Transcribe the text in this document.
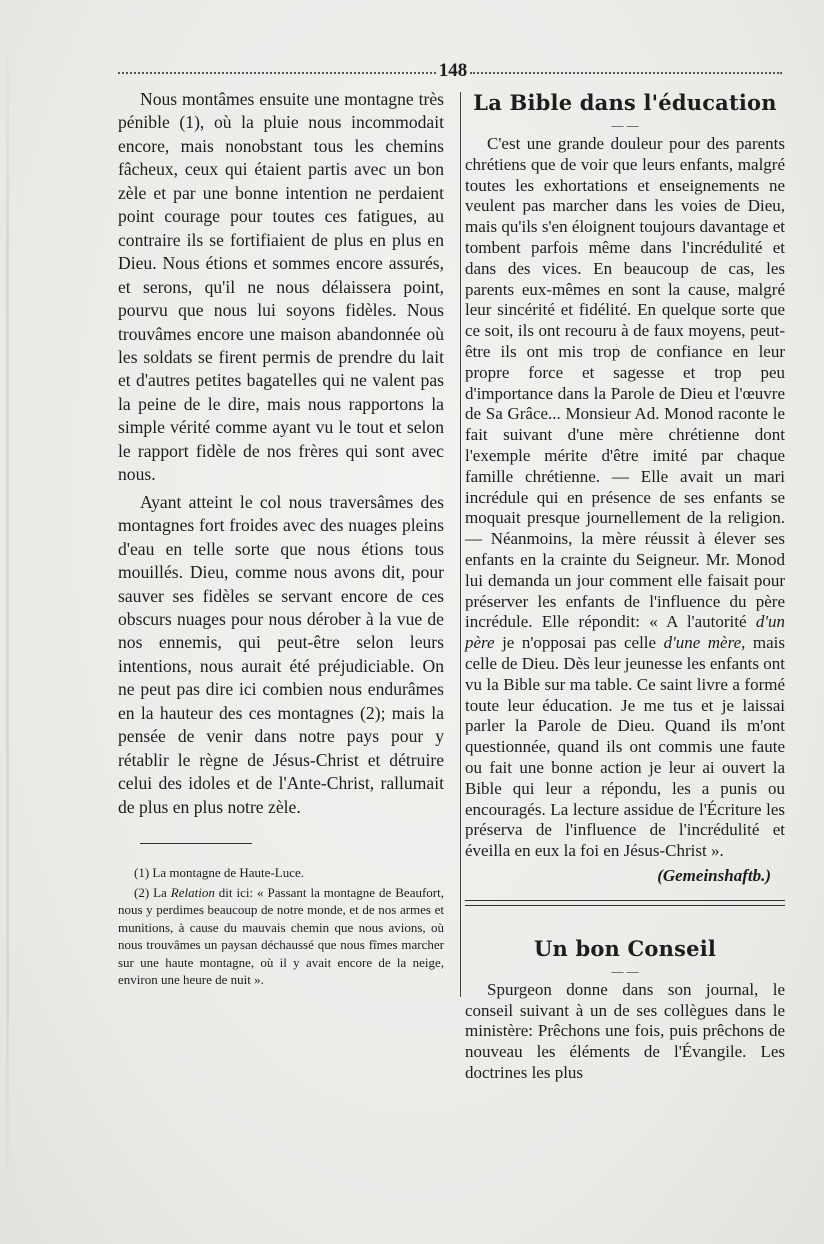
148

Nous montâmes ensuite une montagne très pénible (1), où la pluie nous incommodait encore, mais nonobstant tous les chemins fâcheux, ceux qui étaient partis avec un bon zèle et par une bonne intention ne perdaient point courage pour toutes ces fatigues, au contraire ils se fortifiaient de plus en plus en Dieu. Nous étions et sommes encore assurés, et serons, qu'il ne nous délaissera point, pourvu que nous lui soyons fidèles. Nous trouvâmes encore une maison abandonnée où les soldats se firent permis de prendre du lait et d'autres petites bagatelles qui ne valent pas la peine de le dire, mais nous rapportons la simple vérité comme ayant vu le tout et selon le rapport fidèle de nos frères qui sont avec nous.

Ayant atteint le col nous traversâmes des montagnes fort froides avec des nuages pleins d'eau en telle sorte que nous étions tous mouillés. Dieu, comme nous avons dit, pour sauver ses fidèles se servant encore de ces obscurs nuages pour nous dérober à la vue de nos ennemis, qui peut-être selon leurs intentions, nous aurait été préjudiciable. On ne peut pas dire ici combien nous endurâmes en la hauteur des ces montagnes (2); mais la pensée de venir dans notre pays pour y rétablir le règne de Jésus-Christ et détruire celui des idoles et de l'Ante-Christ, rallumait de plus en plus notre zèle.

(1) La montagne de Haute-Luce.

(2) La Relation dit ici: « Passant la montagne de Beaufort, nous y perdimes beaucoup de notre monde, et de nos armes et munitions, à cause du mauvais chemin que nous avions, où nous trouvâmes un paysan déchaussé que nous fîmes marcher sur une haute montagne, où il y avait encore de la neige, environ une heure de nuit ».

La Bible dans l'éducation
— —

C'est une grande douleur pour des parents chrétiens que de voir que leurs enfants, malgré toutes les exhortations et enseignements ne veulent pas marcher dans les voies de Dieu, mais qu'ils s'en éloignent toujours davantage et tombent parfois même dans l'incrédulité et dans des vices. En beaucoup de cas, les parents eux-mêmes en sont la cause, malgré leur sincérité et fidélité. En quelque sorte que ce soit, ils ont recouru à de faux moyens, peut-être ils ont mis trop de confiance en leur propre force et sagesse et trop peu d'importance dans la Parole de Dieu et l'œuvre de Sa Grâce... Monsieur Ad. Monod raconte le fait suivant d'une mère chrétienne dont l'exemple mérite d'être imité par chaque famille chrétienne. — Elle avait un mari incrédule qui en présence de ses enfants se moquait presque journellement de la religion. — Néanmoins, la mère réussit à élever ses enfants en la crainte du Seigneur. Mr. Monod lui demanda un jour comment elle faisait pour préserver les enfants de l'influence du père incrédule. Elle répondit: « A l'autorité d'un père je n'opposai pas celle d'une mère, mais celle de Dieu. Dès leur jeunesse les enfants ont vu la Bible sur ma table. Ce saint livre a formé toute leur éducation. Je me tus et je laissai parler la Parole de Dieu. Quand ils m'ont questionnée, quand ils ont commis une faute ou fait une bonne action je leur ai ouvert la Bible qui leur a répondu, les a punis ou encouragés. La lecture assidue de l'Écriture les préserva de l'influence de l'incrédulité et éveilla en eux la foi en Jésus-Christ ».

(Gemeinshaftb.)
Un bon Conseil
— —

Spurgeon donne dans son journal, le conseil suivant à un de ses collègues dans le ministère: Prêchons une fois, puis prêchons de nouveau les éléments de l'Évangile. Les doctrines les plus
